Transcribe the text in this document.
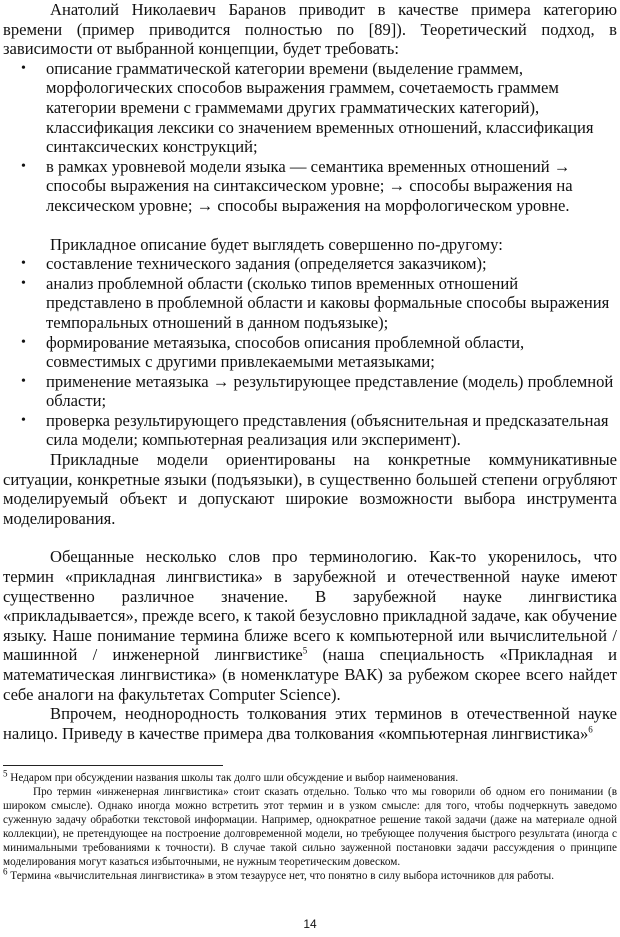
Анатолий Николаевич Баранов приводит в качестве примера категорию времени (пример приводится полностью по [89]). Теоретический подход, в зависимости от выбранной концепции, будет требовать:

• описание грамматической категории времени (выделение граммем, морфологических способов выражения граммем, сочетаемость граммем категории времени с граммемами других грамматических категорий), классификация лексики со значением временных отношений, классификация синтаксических конструкций;
• в рамках уровневой модели языка — семантика временных отношений → способы выражения на синтаксическом уровне; → способы выражения на лексическом уровне; → способы выражения на морфологическом уровне.

Прикладное описание будет выглядеть совершенно по-другому:

• составление технического задания (определяется заказчиком);
• анализ проблемной области (сколько типов временных отношений представлено в проблемной области и каковы формальные способы выражения темпоральных отношений в данном подъязыке);
• формирование метаязыка, способов описания проблемной области, совместимых с другими привлекаемыми метаязыками;
• применение метаязыка → результирующее представление (модель) проблемной области;
• проверка результирующего представления (объяснительная и предсказательная сила модели; компьютерная реализация или эксперимент).

Прикладные модели ориентированы на конкретные коммуникативные ситуации, конкретные языки (подъязыки), в существенно большей степени огрубляют моделируемый объект и допускают широкие возможности выбора инструмента моделирования.

Обещанные несколько слов про терминологию. Как-то укоренилось, что термин «прикладная лингвистика» в зарубежной и отечественной науке имеют существенно различное значение. В зарубежной науке лингвистика «прикладывается», прежде всего, к такой безусловно прикладной задаче, как обучение языку. Наше понимание термина ближе всего к компьютерной или вычислительной / машинной / инженерной лингвистике$^5$ (наша специальность «Прикладная и математическая лингвистика» (в номенклатуре ВАК) за рубежом скорее всего найдет себе аналоги на факультетах Computer Science).

Впрочем, неоднородность толкования этих терминов в отечественной науке налицо. Приведу в качестве примера два толкования «компьютерная лингвистика»$^6$

$^5$ Недаром при обсуждении названия школы так долго шли обсуждение и выбор наименования.

Про термин «инженерная лингвистика» стоит сказать отдельно. Только что мы говорили об одном его понимании (в широком смысле). Однако иногда можно встретить этот термин и в узком смысле: для того, чтобы подчеркнуть заведомо суженную задачу обработки текстовой информации. Например, однократное решение такой задачи (даже на материале одной коллекции), не претендующее на построение долговременной модели, но требующее получения быстрого результата (иногда с минимальными требованиями к точности). В случае такой сильно зауженной постановки задачи рассуждения о принципе моделирования могут казаться избыточными, не нужным теоретическим довеском.

$^6$ Термина «вычислительная лингвистика» в этом тезаурусе нет, что понятно в силу выбора источников для работы.

14
